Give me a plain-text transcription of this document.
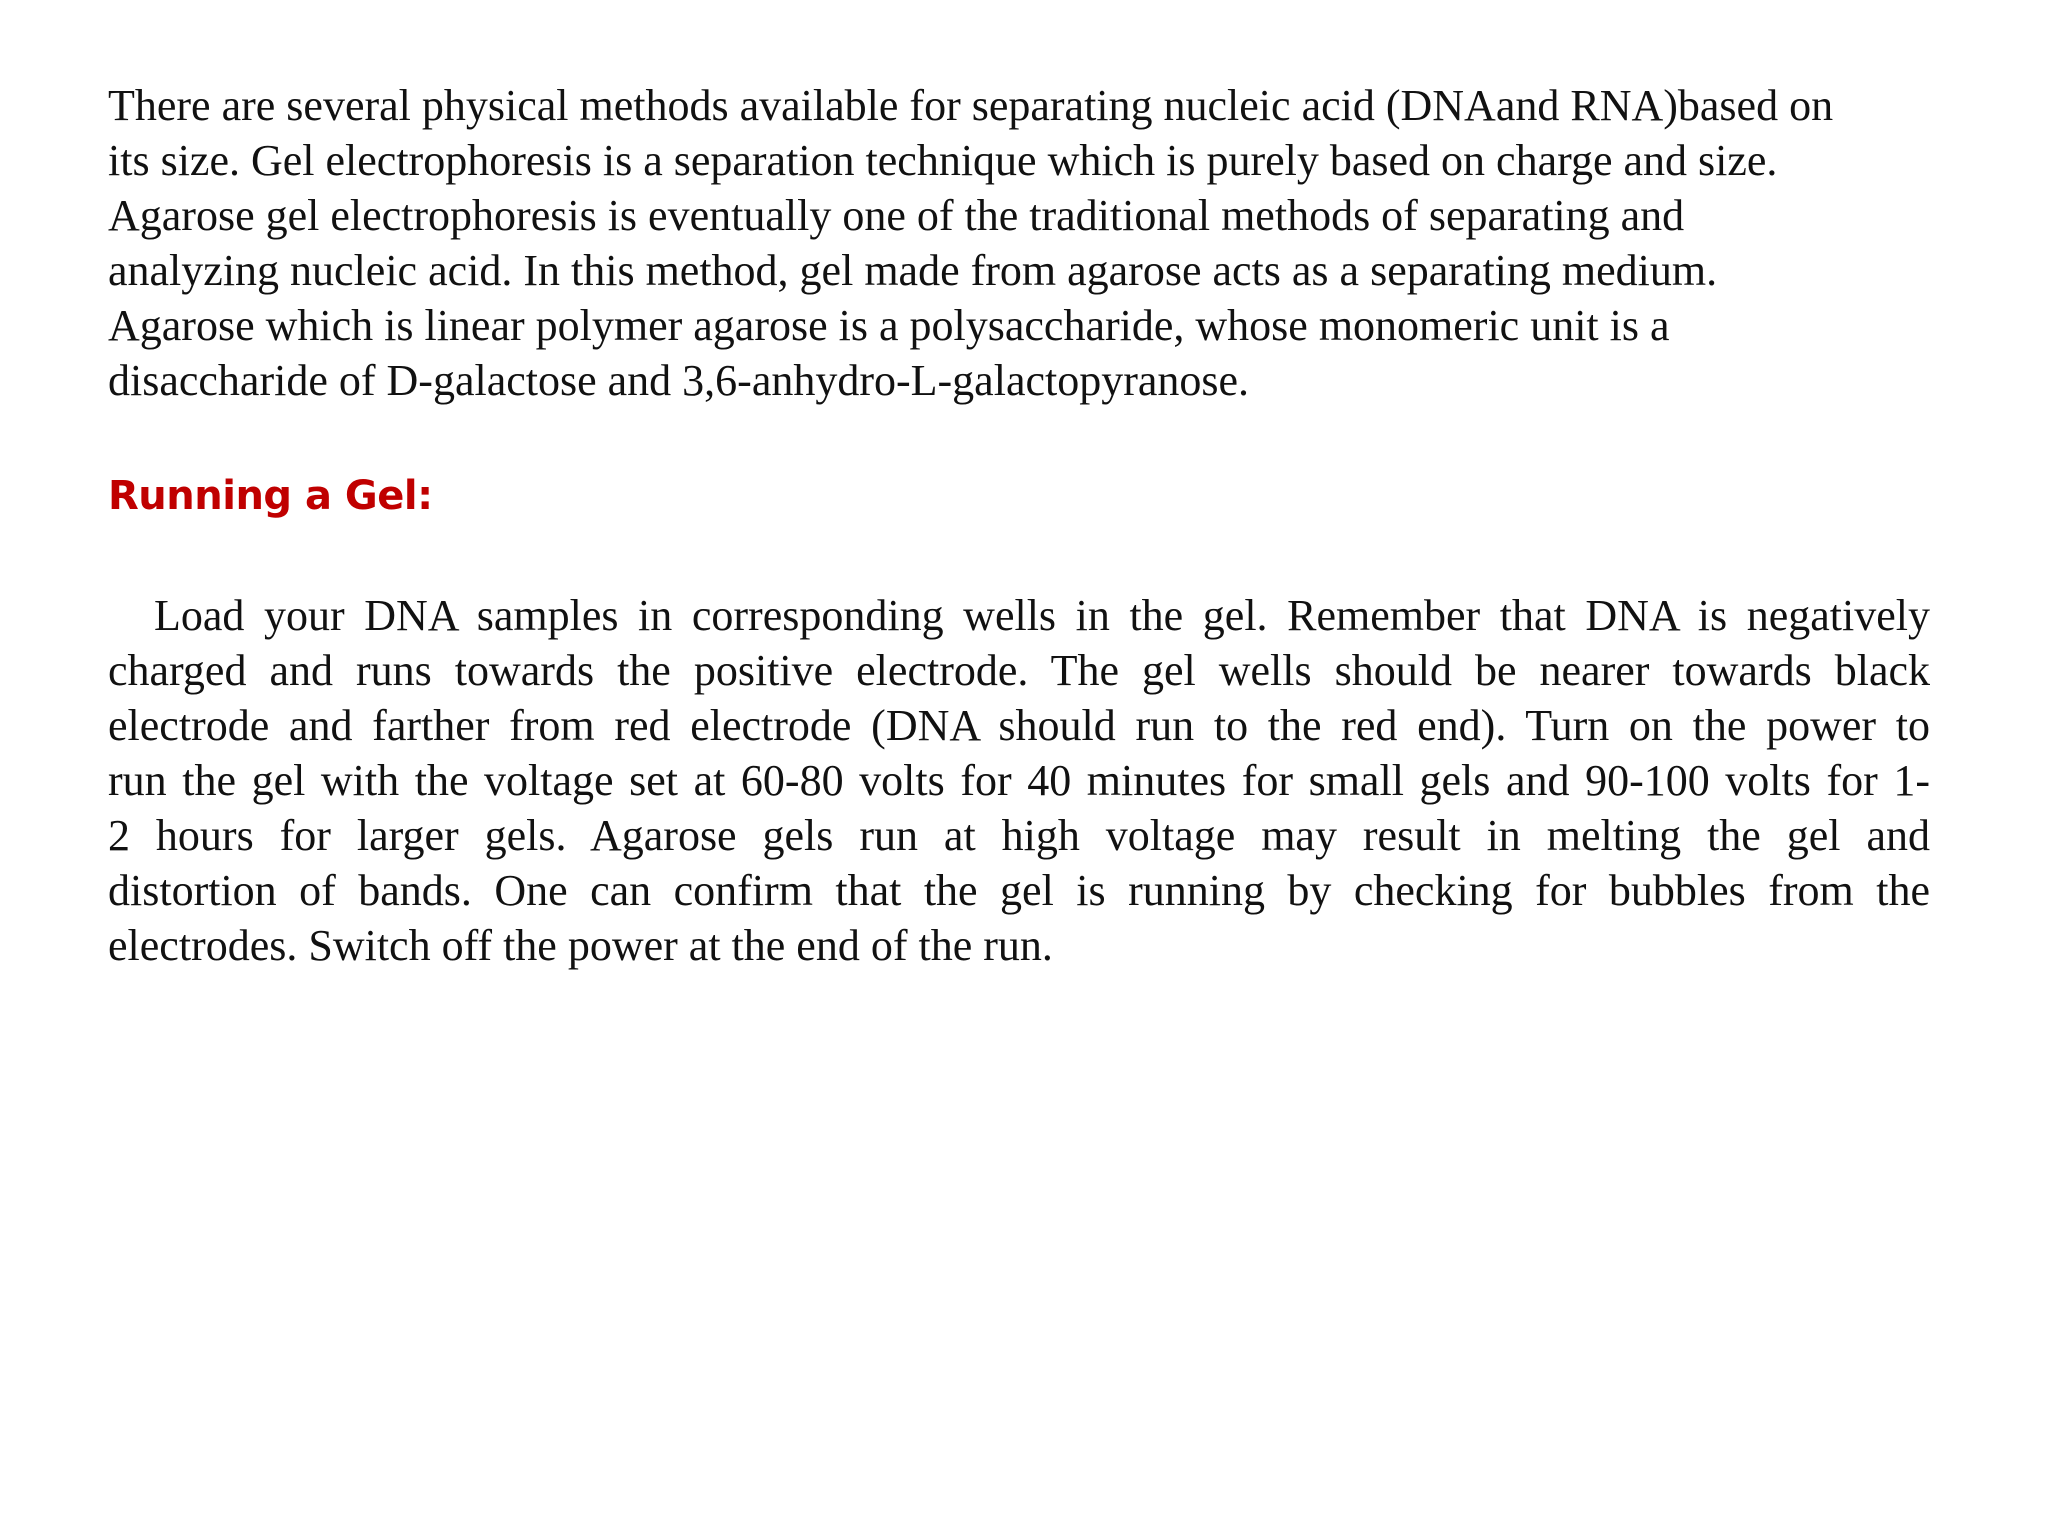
There are several physical methods available for separating nucleic acid (DNAand RNA)based on

its size. Gel electrophoresis is a separation technique which is purely based on charge and size.

Agarose gel electrophoresis is eventually one of the traditional methods of separating and

analyzing nucleic acid. In this method, gel made from agarose acts as a separating medium.

Agarose which is linear polymer agarose is a polysaccharide, whose monomeric unit is a

disaccharide of D-galactose and 3,6-anhydro-L-galactopyranose.

Running a Gel:

Load your DNA samples in corresponding wells in the gel. Remember that DNA is negatively

charged and runs towards the positive electrode. The gel wells should be nearer towards black

electrode and farther from red electrode (DNA should run to the red end). Turn on the power to

run the gel with the voltage set at 60-80 volts for 40 minutes for small gels and 90-100 volts for 1-

2 hours for larger gels. Agarose gels run at high voltage may result in melting the gel and

distortion of bands. One can confirm that the gel is running by checking for bubbles from the

electrodes. Switch off the power at the end of the run.
